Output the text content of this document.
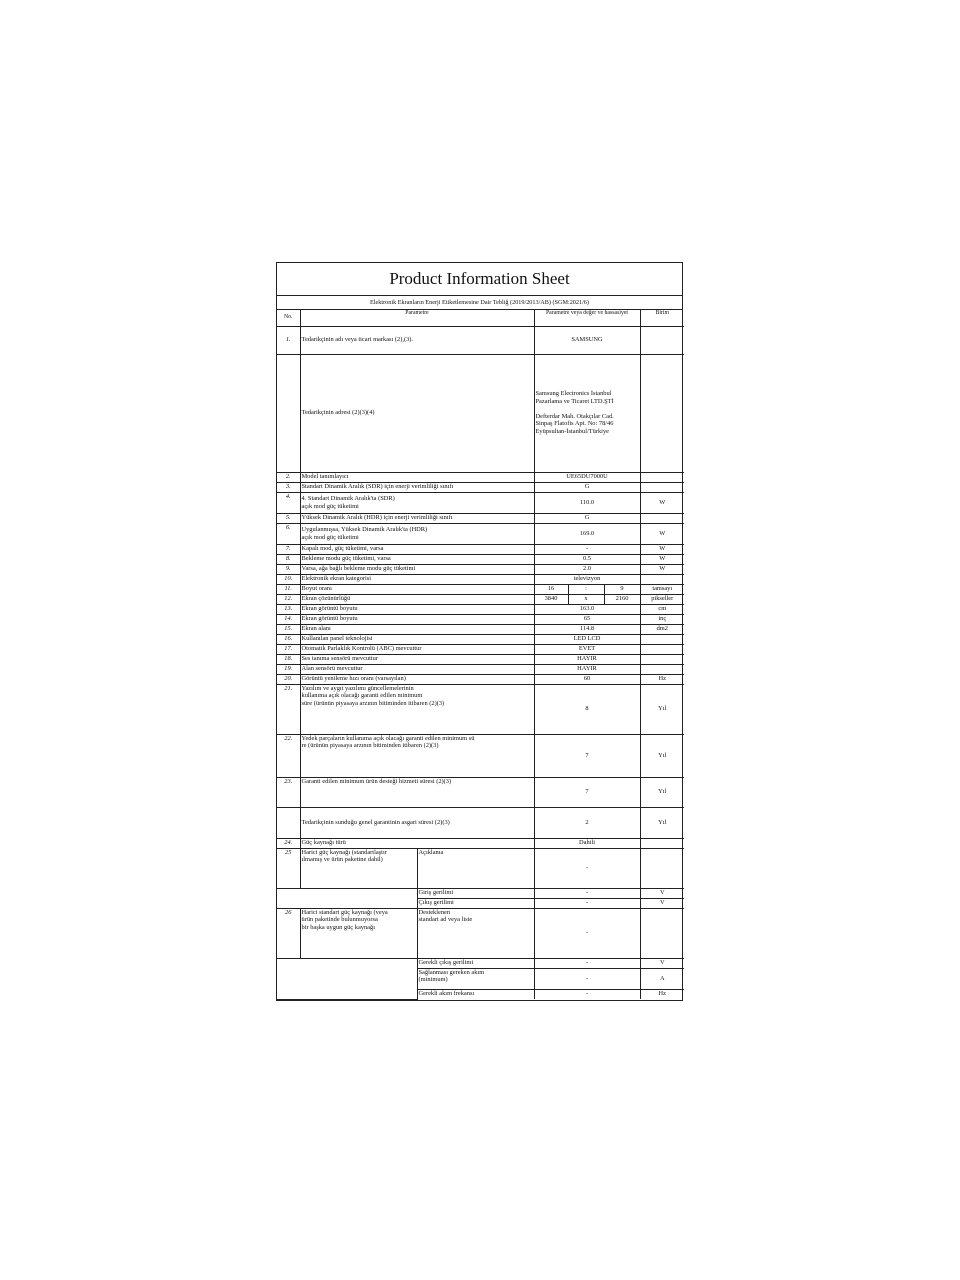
Product Information Sheet
Elektronik Ekranların Enerji Etiketlemesine Dair Tebliğ (2019/2013/AB) (SGM:2021/6)
No.	Parametre		Parametre veya değer ve hassasiyet			Birim
1.	Tedarikçinin adı veya ticari markası (2),(3).		SAMSUNG			
	Tedarikçinin adresi (2)(3)(4)		Samsung Electronics İstanbul
Pazarlama ve Ticaret LTD.ŞTİ
Defterdar Mah. Otakçılar Cad.
Sinpaş Flatofis Apt. No: 78/46
Eyüpsultan-İstanbul/Türkiye			

2.	Model tanımlayıcı		UE65DU7000U			
3.	Standart Dinamik Aralık (SDR) için enerji verimliliği sınıfı		G			
4.	4. Standart Dinamik Aralık'ta (SDR)
açık mod güç tüketimi		110.0			W
5.	Yüksek Dinamik Aralık (HDR) için enerji verimliliği sınıfı		G			
6.	Uygulanmışsa, Yüksek Dinamik Aralık'ta (HDR)
açık mod güç tüketimi		169.0			W
7.	Kapalı mod, güç tüketimi, varsa		-			W
8.	Bekleme modu güç tüketimi, varsa		0.5			W
9.	Varsa, ağa bağlı bekleme modu güç tüketimi		2.0			W
10.	Elektronik ekran kategorisi		televizyon			
11.	Boyut oranı		16	:	9	tamsayı
12.	Ekran çözünürlüğü		3840	x	2160	pikseller
13.	Ekran görüntü boyutu		163.0			cm
14.	Ekran görüntü boyutu		65			inç
15.	Ekran alanı		114.8			dm2
16.	Kullanılan panel teknolojisi		LED LCD			
17.	Otomatik Parlaklık Kontrolü (ABC) mevcuttur		EVET			
18.	Ses tanıma sensörü mevcuttur		HAYIR			
19.	Alan sensörü mevcuttur		HAYIR			
20.	Görüntü yenileme hızı oranı (varsayılan)		60			Hz
21.	Yazılım ve aygıt yazılımı güncellemelerinin
kullanıma açık olacağı garanti edilen minimum
süre (ürünün piyasaya arzının bitiminden itibaren (2)(3)		8			Yıl
22.	Yedek parçaların kullanıma açık olacağı garanti edilen minimum sü
re (ürünün piyasaya arzının bitiminden itibaren (2)(3)		7			Yıl
23.	Garanti edilen minimum ürün desteği hizmeti süresi (2)(3)		7			Yıl
	Tedarikçinin sunduğu genel garantinin asgari süresi (2)(3)		2			Yıl
24.	Güç kaynağı türü		Dahili			
25	Harici güç kaynağı (standartlaştır
ılmamış ve ürün paketine dahil)	Açıklama	-			
		Giriş gerilimi	-			V
		Çıkış gerilimi	-			V
26	Harici standart güç kaynağı (veya
ürün paketinde bulunmuyorsa
bir başka uygun güç kaynağı	Desteklenen
standart ad veya liste	-			
		Gerekli çıkış gerilimi	-			V

		Sağlanması gereken akım
(minimum)	-			A
		Gerekli akım frekansı	-			Hz
